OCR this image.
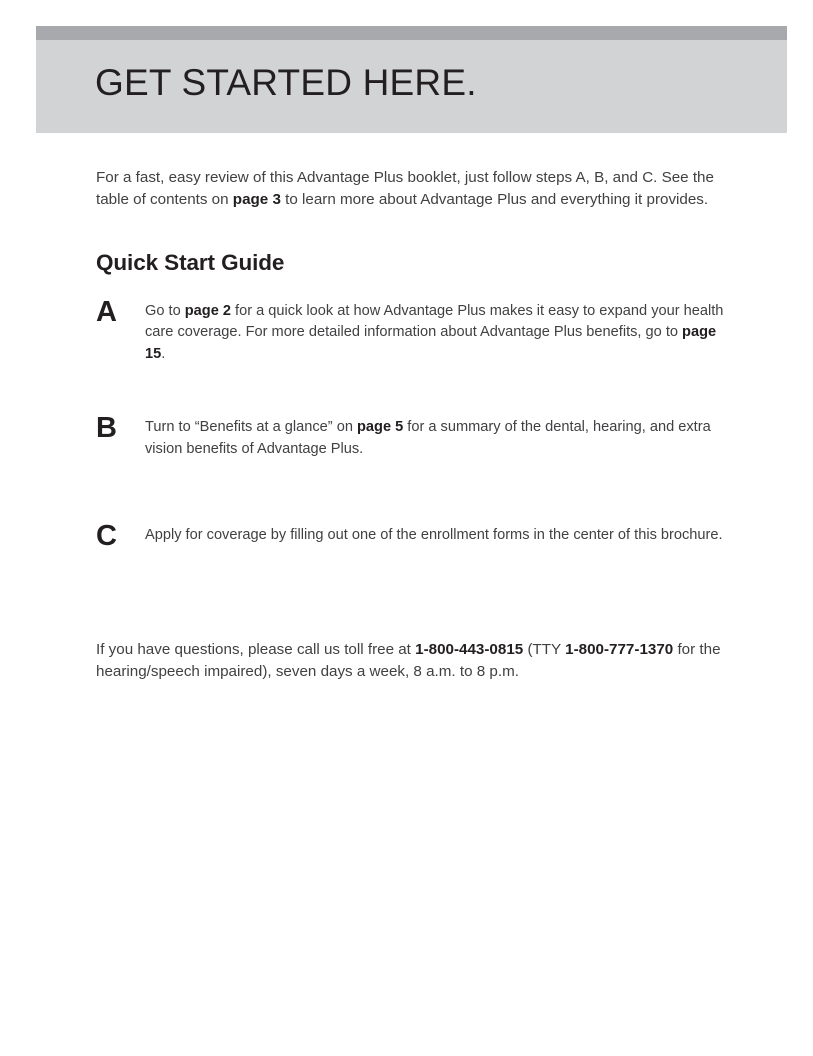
GET STARTED HERE.

For a fast, easy review of this Advantage Plus booklet, just follow steps A, B, and C. See the table of contents on page 3 to learn more about Advantage Plus and everything it provides.

Quick Start Guide
A Go to page 2 for a quick look at how Advantage Plus makes it easy to expand your health care coverage. For more detailed information about Advantage Plus benefits, go to page 15.

B Turn to “Benefits at a glance” on page 5 for a summary of the dental, hearing, and extra vision benefits of Advantage Plus.

C Apply for coverage by filling out one of the enrollment forms in the center of this brochure.

If you have questions, please call us toll free at 1-800-443-0815 (TTY 1-800-777-1370 for the hearing/speech impaired), seven days a week, 8 a.m. to 8 p.m.
